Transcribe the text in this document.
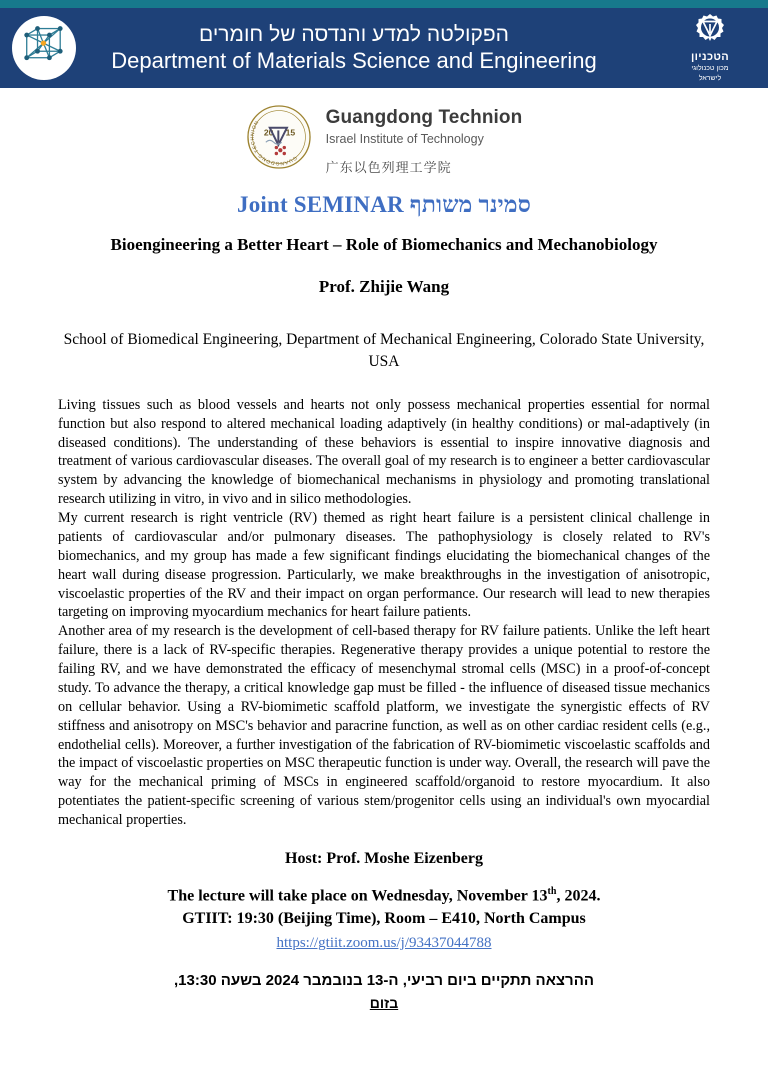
הפקולטה למדע והנדסה של חומרים
Department of Materials Science and Engineering	הטכניון
מכון טכנולוגי
לישראל
GUANGDONG TECHNION
20 15
Guangdong Technion
Israel Institute of Technology
广东以色列理工学院
Joint SEMINAR סמינר משותף
Bioengineering a Better Heart – Role of Biomechanics and Mechanobiology
Prof. Zhijie Wang
School of Biomedical Engineering, Department of Mechanical Engineering, Colorado State University, USA

Living tissues such as blood vessels and hearts not only possess mechanical properties essential for normal function but also respond to altered mechanical loading adaptively (in healthy conditions) or mal-adaptively (in diseased conditions). The understanding of these behaviors is essential to inspire innovative diagnosis and treatment of various cardiovascular diseases. The overall goal of my research is to engineer a better cardiovascular system by advancing the knowledge of biomechanical mechanisms in physiology and promoting translational research utilizing in vitro, in vivo and in silico methodologies.

My current research is right ventricle (RV) themed as right heart failure is a persistent clinical challenge in patients of cardiovascular and/or pulmonary diseases. The pathophysiology is closely related to RV's biomechanics, and my group has made a few significant findings elucidating the biomechanical changes of the heart wall during disease progression. Particularly, we make breakthroughs in the investigation of anisotropic, viscoelastic properties of the RV and their impact on organ performance. Our research will lead to new therapies targeting on improving myocardium mechanics for heart failure patients.

Another area of my research is the development of cell-based therapy for RV failure patients. Unlike the left heart failure, there is a lack of RV-specific therapies. Regenerative therapy provides a unique potential to restore the failing RV, and we have demonstrated the efficacy of mesenchymal stromal cells (MSC) in a proof-of-concept study. To advance the therapy, a critical knowledge gap must be filled - the influence of diseased tissue mechanics on cellular behavior. Using a RV-biomimetic scaffold platform, we investigate the synergistic effects of RV stiffness and anisotropy on MSC's behavior and paracrine function, as well as on other cardiac resident cells (e.g., endothelial cells). Moreover, a further investigation of the fabrication of RV-biomimetic viscoelastic scaffolds and the impact of viscoelastic properties on MSC therapeutic function is under way. Overall, the research will pave the way for the mechanical priming of MSCs in engineered scaffold/organoid to restore myocardium. It also potentiates the patient-specific screening of various stem/progenitor cells using an individual's own myocardial mechanical properties.

Host: Prof. Moshe Eizenberg
The lecture will take place on Wednesday, November 13th, 2024.
GTIIT: 19:30 (Beijing Time), Room – E410, North Campus
https://gtiit.zoom.us/j/93437044788
ההרצאה תתקיים ביום רביעי, ה-13 בנובמבר 2024 בשעה 13:30,
בזום
